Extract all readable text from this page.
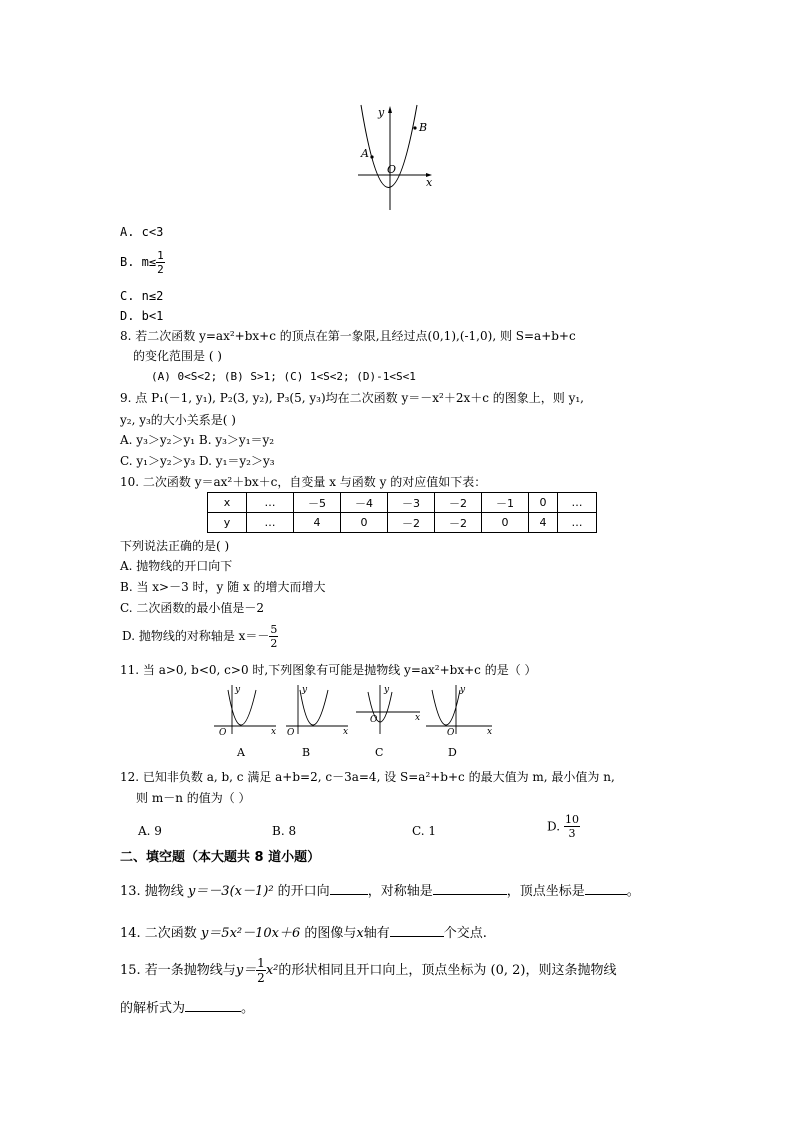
y
x
O
A
B
A. c<3
B. $m\le \frac{1}{2}$
C. n≤2
D. b<1
8. 若二次函数 y=ax²+bx+c 的顶点在第一象限,且经过点(0,1),(-1,0), 则 S=a+b+c
的变化范围是 ( )
(A) 0<S<2; (B) S>1; (C) 1<S<2; (D)-1<S<1
9. 点 P₁(－1, y₁), P₂(3, y₂), P₃(5, y₃)均在二次函数 y＝－x²＋2x＋c 的图象上，则 y₁,
y₂, y₃的大小关系是( )
A. y₃＞y₂＞y₁ B. y₃＞y₁＝y₂
C. y₁＞y₂＞y₃ D. y₁＝y₂＞y₃
10. 二次函数 y＝ax²＋bx＋c，自变量 x 与函数 y 的对应值如下表：
x	…	－5	－4	－3	－2	－1	0	…
y	…	4	0	－2	－2	0	4	…
下列说法正确的是( )
A. 抛物线的开口向下
B. 当 x>－3 时，y 随 x 的增大而增大
C. 二次函数的最小值是－2
D. 抛物线的对称轴是 $x=- \frac{5}{2}$
11. 当 a>0, b<0, c>0 时,下列图象有可能是抛物线 y=ax²+bx+c 的是（ ）
y
x
O
A
y
x
O
B
y
x
O
C
y
x
O
D
12. 已知非负数 a, b, c 满足 a+b=2, c－3a=4, 设 S=a²+b+c 的最大值为 m, 最小值为 n,
则 m－n 的值为（ ）
A. 9	B. 8	C. 1	D. $\frac{10}{3}$
二、填空题（本大题共 8 道小题）
13. 抛物线 y＝－3(x－1)² 的开口向	，对称轴是	，顶点坐标是	。
14. 二次函数 y＝5x²－10x＋6 的图像与x轴有	个交点.
15. 若一条抛物线与$y= \frac{1}{2} x^2$的形状相同且开口向上，顶点坐标为 (0, 2)，则这条抛物线
的解析式为	。
